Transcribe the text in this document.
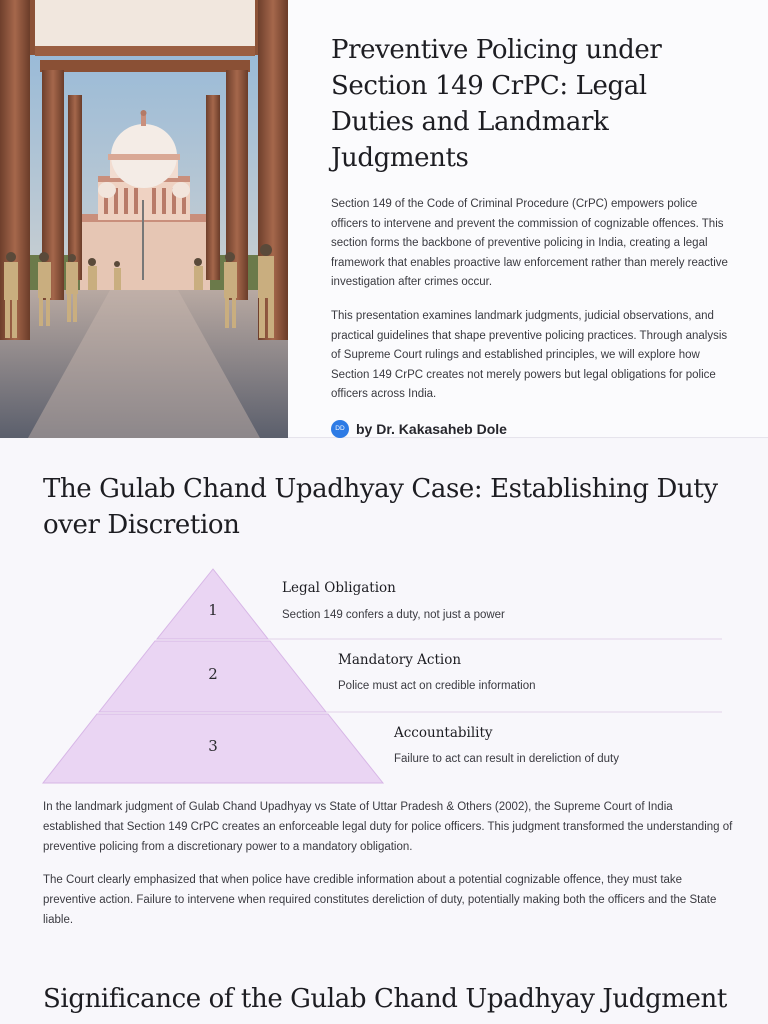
Preventive Policing under Section 149 CrPC: Legal Duties and Landmark Judgments

Section 149 of the Code of Criminal Procedure (CrPC) empowers police officers to intervene and prevent the commission of cognizable offences. This section forms the backbone of preventive policing in India, creating a legal framework that enables proactive law enforcement rather than merely reactive investigation after crimes occur.

This presentation examines landmark judgments, judicial observations, and practical guidelines that shape preventive policing practices. Through analysis of Supreme Court rulings and established principles, we will explore how Section 149 CrPC creates not merely powers but legal obligations for police officers across India.

DD by Dr. Kakasaheb Dole
The Gulab Chand Upadhyay Case: Establishing Duty over Discretion
1
2
3
Legal Obligation
Section 149 confers a duty, not just a power
Mandatory Action
Police must act on credible information
Accountability
Failure to act can result in dereliction of duty

In the landmark judgment of Gulab Chand Upadhyay vs State of Uttar Pradesh & Others (2002), the Supreme Court of India established that Section 149 CrPC creates an enforceable legal duty for police officers. This judgment transformed the understanding of preventive policing from a discretionary power to a mandatory obligation.

The Court clearly emphasized that when police have credible information about a potential cognizable offence, they must take preventive action. Failure to intervene when required constitutes dereliction of duty, potentially making both the officers and the State liable.

Significance of the Gulab Chand Upadhyay Judgment
